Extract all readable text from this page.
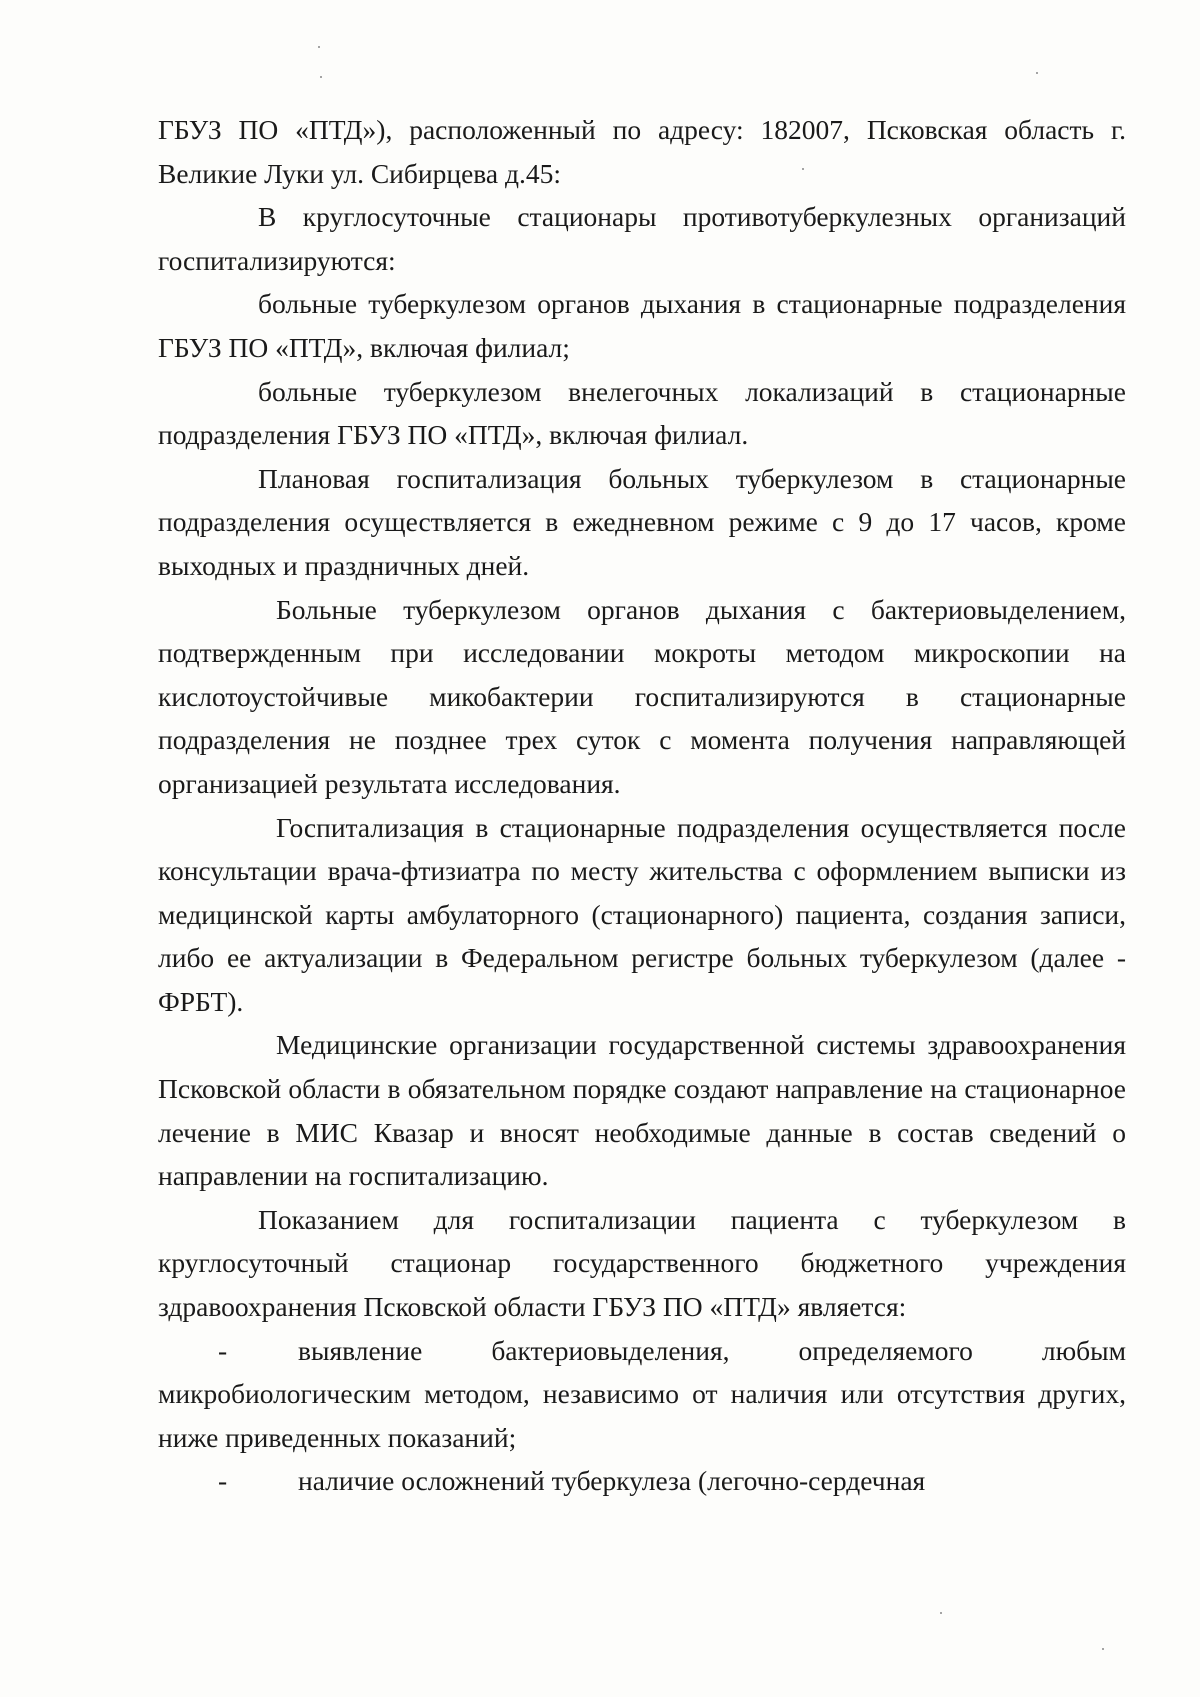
ГБУЗ ПО «ПТД»), расположенный по адресу: 182007, Псковская область г. Великие Луки ул. Сибирцева д.45:

В круглосуточные стационары противотуберкулезных организаций госпитализируются:

больные туберкулезом органов дыхания в стационарные подразделения ГБУЗ ПО «ПТД», включая филиал;

больные туберкулезом внелегочных локализаций в стационарные подразделения ГБУЗ ПО «ПТД», включая филиал.

Плановая госпитализация больных туберкулезом в стационарные подразделения осуществляется в ежедневном режиме с 9 до 17 часов, кроме выходных и праздничных дней.

Больные туберкулезом органов дыхания с бактериовыделением, подтвержденным при исследовании мокроты методом микроскопии на кислотоустойчивые микобактерии госпитализируются в стационарные подразделения не позднее трех суток с момента получения направляющей организацией результата исследования.

Госпитализация в стационарные подразделения осуществляется после консультации врача-фтизиатра по месту жительства с оформлением выписки из медицинской карты амбулаторного (стационарного) пациента, создания записи, либо ее актуализации в Федеральном регистре больных туберкулезом (далее - ФРБТ).

Медицинские организации государственной системы здравоохранения Псковской области в обязательном порядке создают направление на стационарное лечение в МИС Квазар и вносят необходимые данные в состав сведений о направлении на госпитализацию.

Показанием для госпитализации пациента с туберкулезом в круглосуточный стационар государственного бюджетного учреждения здравоохранения Псковской области ГБУЗ ПО «ПТД» является:

-	выявление бактериовыделения, определяемого любым микробиологическим методом, независимо от наличия или отсутствия других, ниже приведенных показаний;

-	наличие осложнений туберкулеза (легочно-сердечная
